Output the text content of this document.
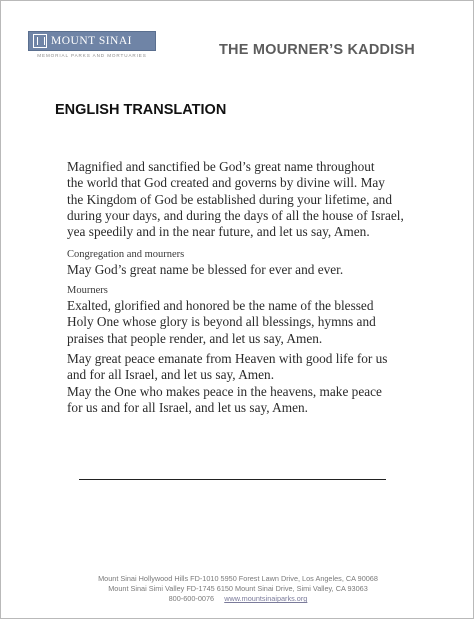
MOUNT SINAI
MEMORIAL PARKS AND MORTUARIES	THE MOURNER’S KADDISH
ENGLISH TRANSLATION
Magnified and sanctified be God’s great name throughout
the world that God created and governs by divine will. May
the Kingdom of God be established during your lifetime, and
during your days, and during the days of all the house of Israel,
yea speedily and in the near future, and let us say, Amen.
Congregation and mourners
May God’s great name be blessed for ever and ever.
Mourners
Exalted, glorified and honored be the name of the blessed
Holy One whose glory is beyond all blessings, hymns and
praises that people render, and let us say, Amen.
May great peace emanate from Heaven with good life for us
and for all Israel, and let us say, Amen.
May the One who makes peace in the heavens, make peace
for us and for all Israel, and let us say, Amen.
Mount Sinai Hollywood Hills FD-1010 5950 Forest Lawn Drive, Los Angeles, CA 90068
Mount Sinai Simi Valley FD-1745 6150 Mount Sinai Drive, Simi Valley, CA 93063
800-600-0076 www.mountsinaiparks.org
